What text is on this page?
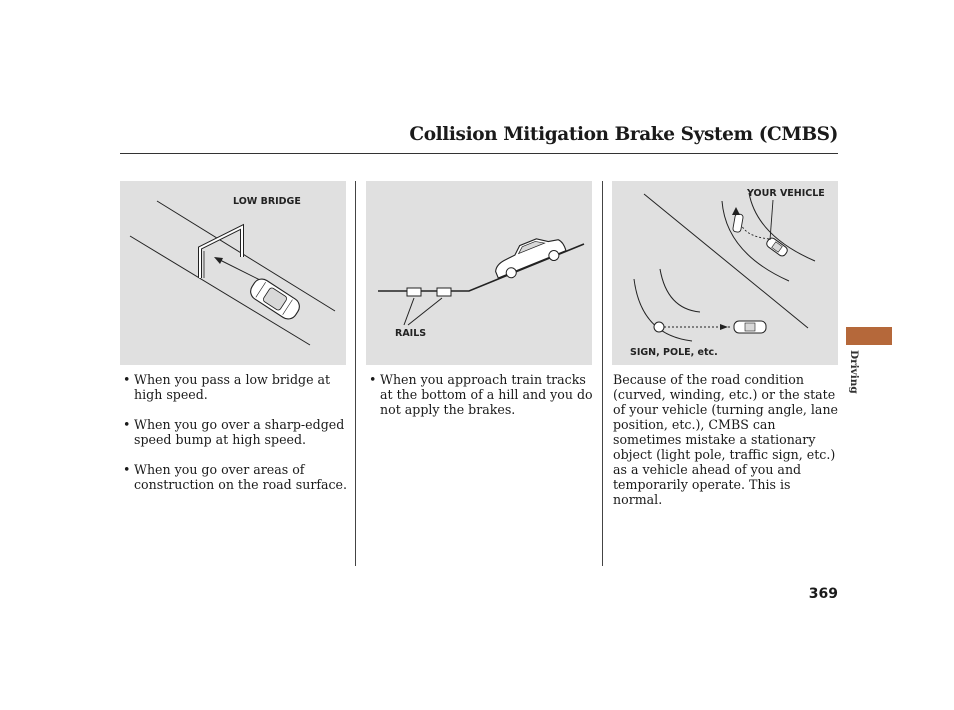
Collision Mitigation Brake System (CMBS)
LOW BRIDGE
RAILS
YOUR VEHICLE
SIGN, POLE, etc.
• When you pass a low bridge at high speed.
• When you go over a sharp-edged speed bump at high speed.
• When you go over areas of construction on the road surface.
• When you approach train tracks at the bottom of a hill and you do not apply the brakes.

Because of the road condition (curved, winding, etc.) or the state of your vehicle (turning angle, lane position, etc.), CMBS can sometimes mistake a stationary object (light pole, traffic sign, etc.) as a vehicle ahead of you and temporarily operate. This is normal.

Driving
369
